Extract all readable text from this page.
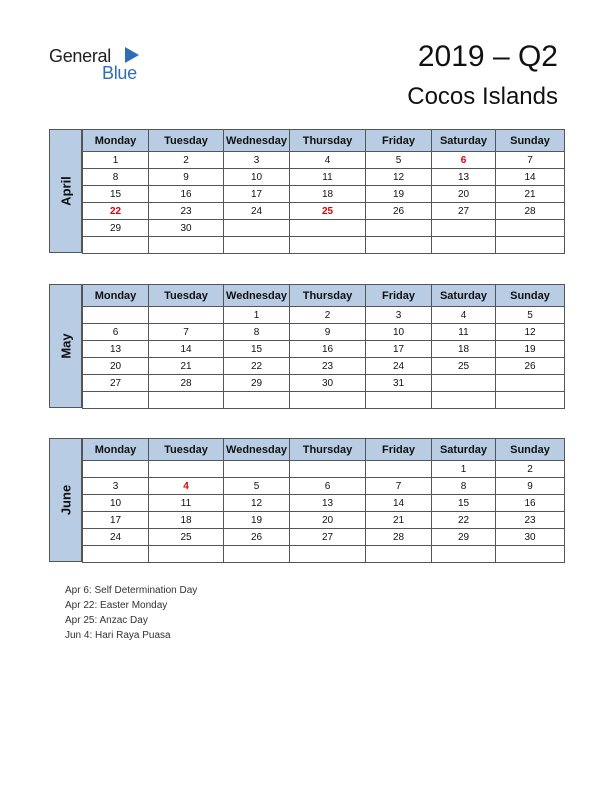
General
Blue	2019 – Q2
Cocos Islands
April
Monday	Tuesday	Wednesday	Thursday	Friday	Saturday	Sunday
1	2	3	4	5	6	7
8	9	10	11	12	13	14
15	16	17	18	19	20	21
22	23	24	25	26	27	28
29	30					

May
Monday	Tuesday	Wednesday	Thursday	Friday	Saturday	Sunday
		1	2	3	4	5
6	7	8	9	10	11	12
13	14	15	16	17	18	19
20	21	22	23	24	25	26
27	28	29	30	31		

June
Monday	Tuesday	Wednesday	Thursday	Friday	Saturday	Sunday
					1	2
3	4	5	6	7	8	9
10	11	12	13	14	15	16
17	18	19	20	21	22	23
24	25	26	27	28	29	30

Apr 6: Self Determination Day
Apr 22: Easter Monday
Apr 25: Anzac Day
Jun 4: Hari Raya Puasa
